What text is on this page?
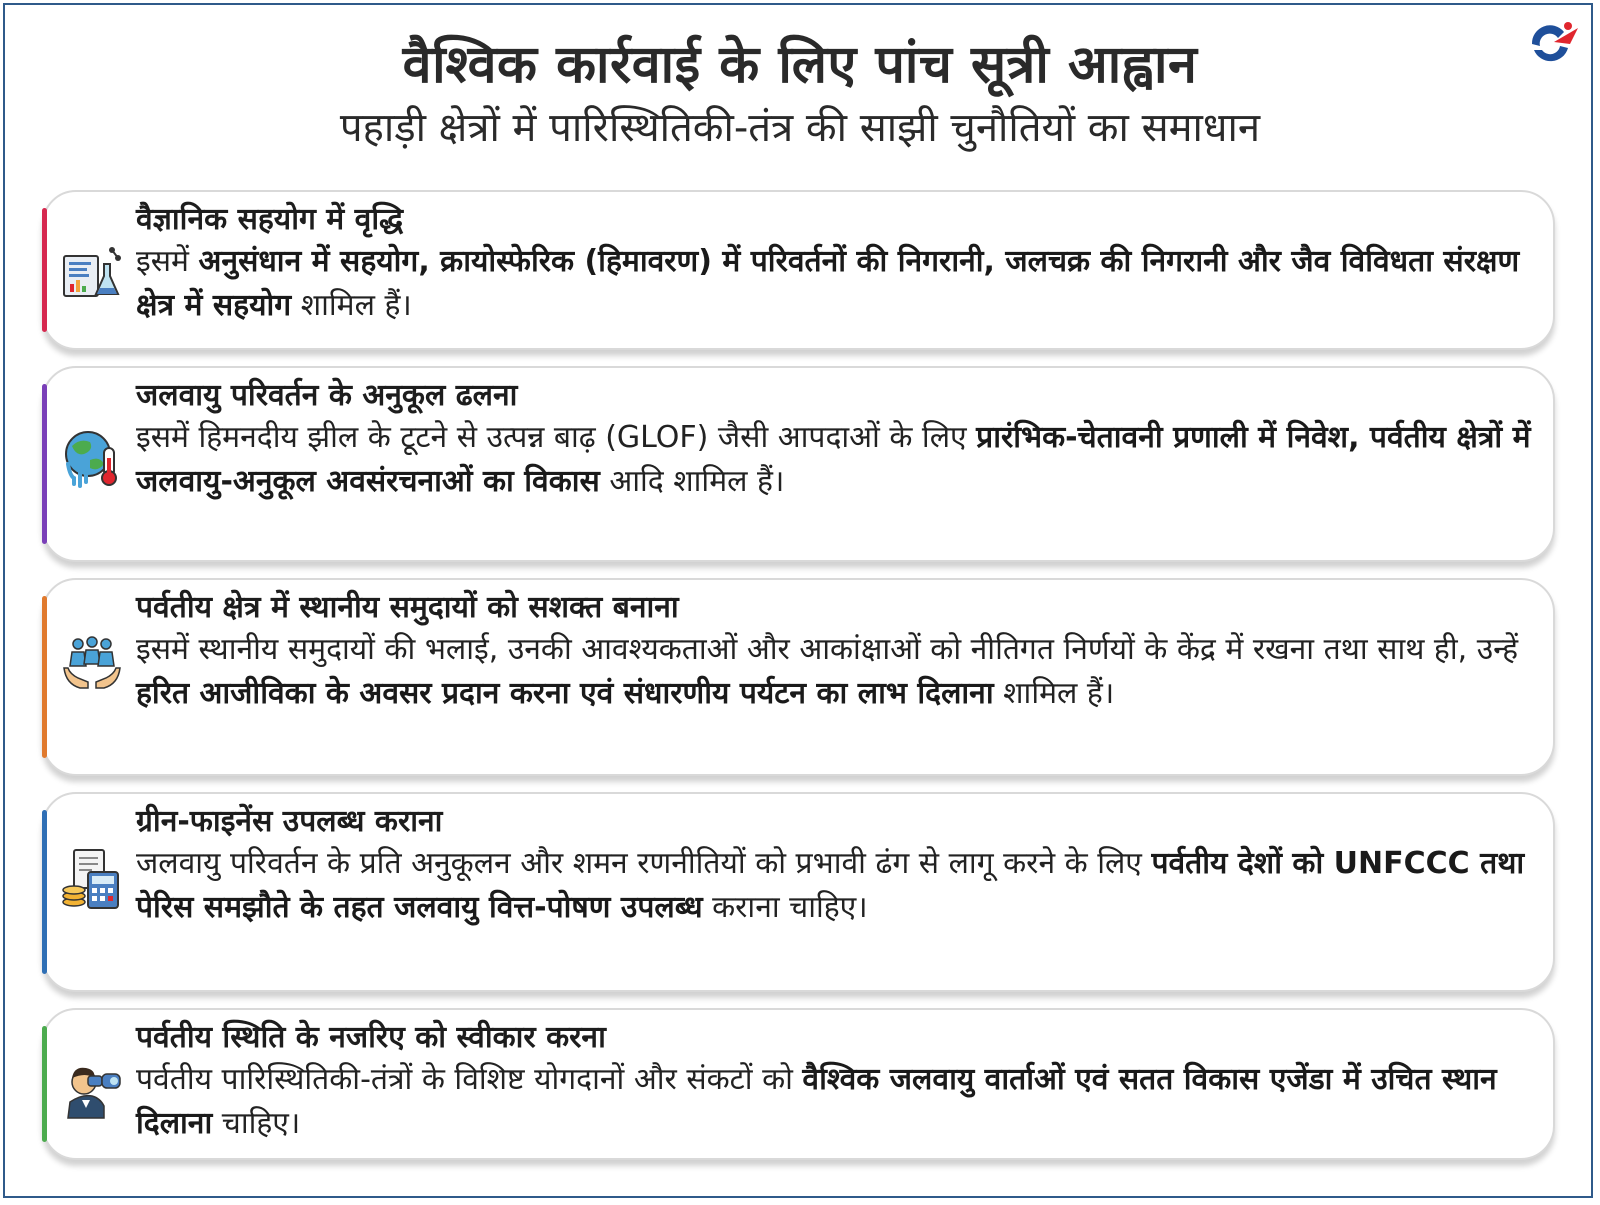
वैश्विक कार्रवाई के लिए पांच सूत्री आह्वान
पहाड़ी क्षेत्रों में पारिस्थितिकी-तंत्र की साझी चुनौतियों का समाधान
वैज्ञानिक सहयोग में वृद्धि

इसमें अनुसंधान में सहयोग, क्रायोस्फेरिक (हिमावरण) में परिवर्तनों की निगरानी, जलचक्र की निगरानी और जैव विविधता संरक्षण क्षेत्र में सहयोग शामिल हैं।

जलवायु परिवर्तन के अनुकूल ढलना

इसमें हिमनदीय झील के टूटने से उत्पन्न बाढ़ (GLOF) जैसी आपदाओं के लिए प्रारंभिक-चेतावनी प्रणाली में निवेश, पर्वतीय क्षेत्रों में जलवायु-अनुकूल अवसंरचनाओं का विकास आदि शामिल हैं।

पर्वतीय क्षेत्र में स्थानीय समुदायों को सशक्त बनाना

इसमें स्थानीय समुदायों की भलाई, उनकी आवश्यकताओं और आकांक्षाओं को नीतिगत निर्णयों के केंद्र में रखना तथा साथ ही, उन्हें हरित आजीविका के अवसर प्रदान करना एवं संधारणीय पर्यटन का लाभ दिलाना शामिल हैं।

ग्रीन-फाइनेंस उपलब्ध कराना

जलवायु परिवर्तन के प्रति अनुकूलन और शमन रणनीतियों को प्रभावी ढंग से लागू करने के लिए पर्वतीय देशों को UNFCCC तथा पेरिस समझौते के तहत जलवायु वित्त-पोषण उपलब्ध कराना चाहिए।

पर्वतीय स्थिति के नजरिए को स्वीकार करना

पर्वतीय पारिस्थितिकी-तंत्रों के विशिष्ट योगदानों और संकटों को वैश्विक जलवायु वार्ताओं एवं सतत विकास एजेंडा में उचित स्थान दिलाना चाहिए।
